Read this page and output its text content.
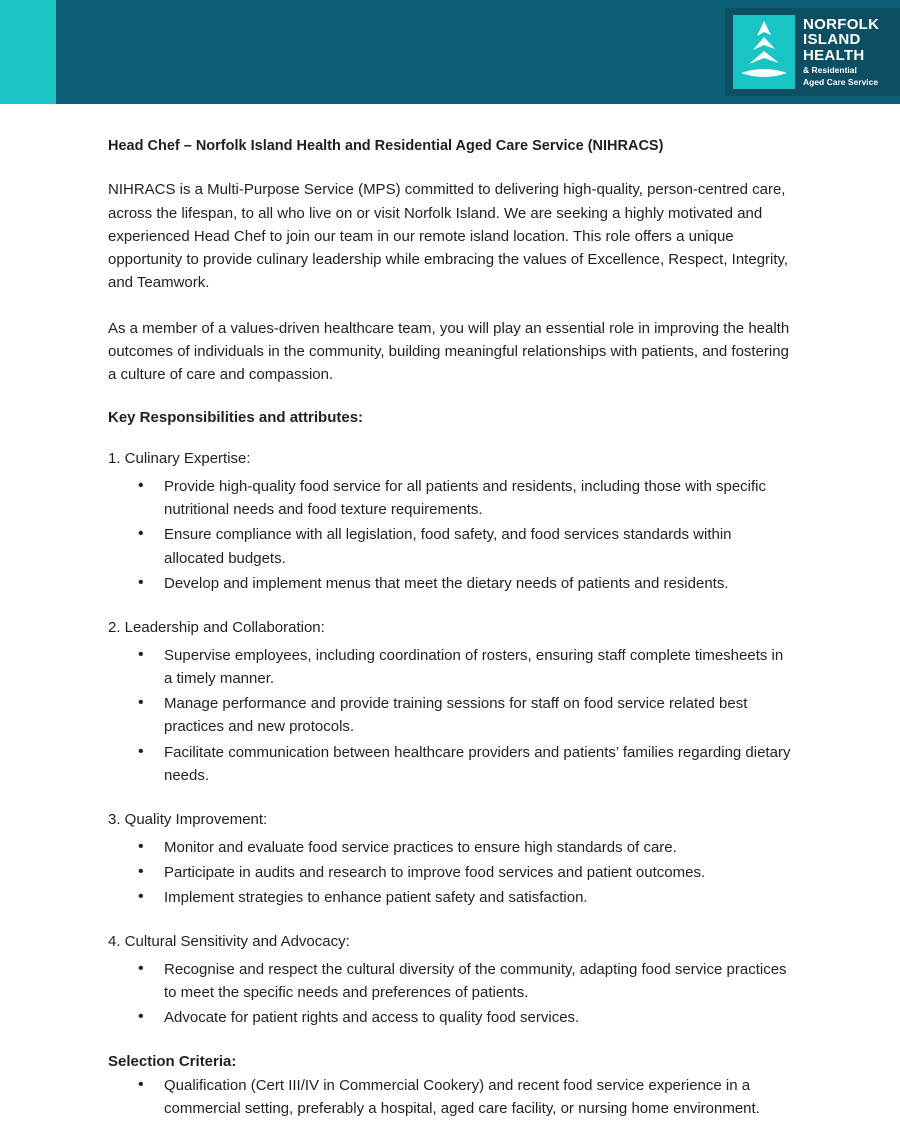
NORFOLK
ISLAND
HEALTH
& Residential
Aged Care Service
Head Chef – Norfolk Island Health and Residential Aged Care Service (NIHRACS)

NIHRACS is a Multi-Purpose Service (MPS) committed to delivering high-quality, person-centred care, across the lifespan, to all who live on or visit Norfolk Island. We are seeking a highly motivated and experienced Head Chef to join our team in our remote island location. This role offers a unique opportunity to provide culinary leadership while embracing the values of Excellence, Respect, Integrity, and Teamwork.

As a member of a values-driven healthcare team, you will play an essential role in improving the health outcomes of individuals in the community, building meaningful relationships with patients, and fostering a culture of care and compassion.

Key Responsibilities and attributes:
1. Culinary Expertise:
• Provide high-quality food service for all patients and residents, including those with specific nutritional needs and food texture requirements.
• Ensure compliance with all legislation, food safety, and food services standards within allocated budgets.
• Develop and implement menus that meet the dietary needs of patients and residents.
2. Leadership and Collaboration:
• Supervise employees, including coordination of rosters, ensuring staff complete timesheets in a timely manner.
• Manage performance and provide training sessions for staff on food service related best practices and new protocols.
• Facilitate communication between healthcare providers and patients’ families regarding dietary needs.
3. Quality Improvement:
• Monitor and evaluate food service practices to ensure high standards of care.
• Participate in audits and research to improve food services and patient outcomes.
• Implement strategies to enhance patient safety and satisfaction.
4. Cultural Sensitivity and Advocacy:
• Recognise and respect the cultural diversity of the community, adapting food service practices to meet the specific needs and preferences of patients.
• Advocate for patient rights and access to quality food services.
Selection Criteria:
• Qualification (Cert III/IV in Commercial Cookery) and recent food service experience in a commercial setting, preferably a hospital, aged care facility, or nursing home environment.
